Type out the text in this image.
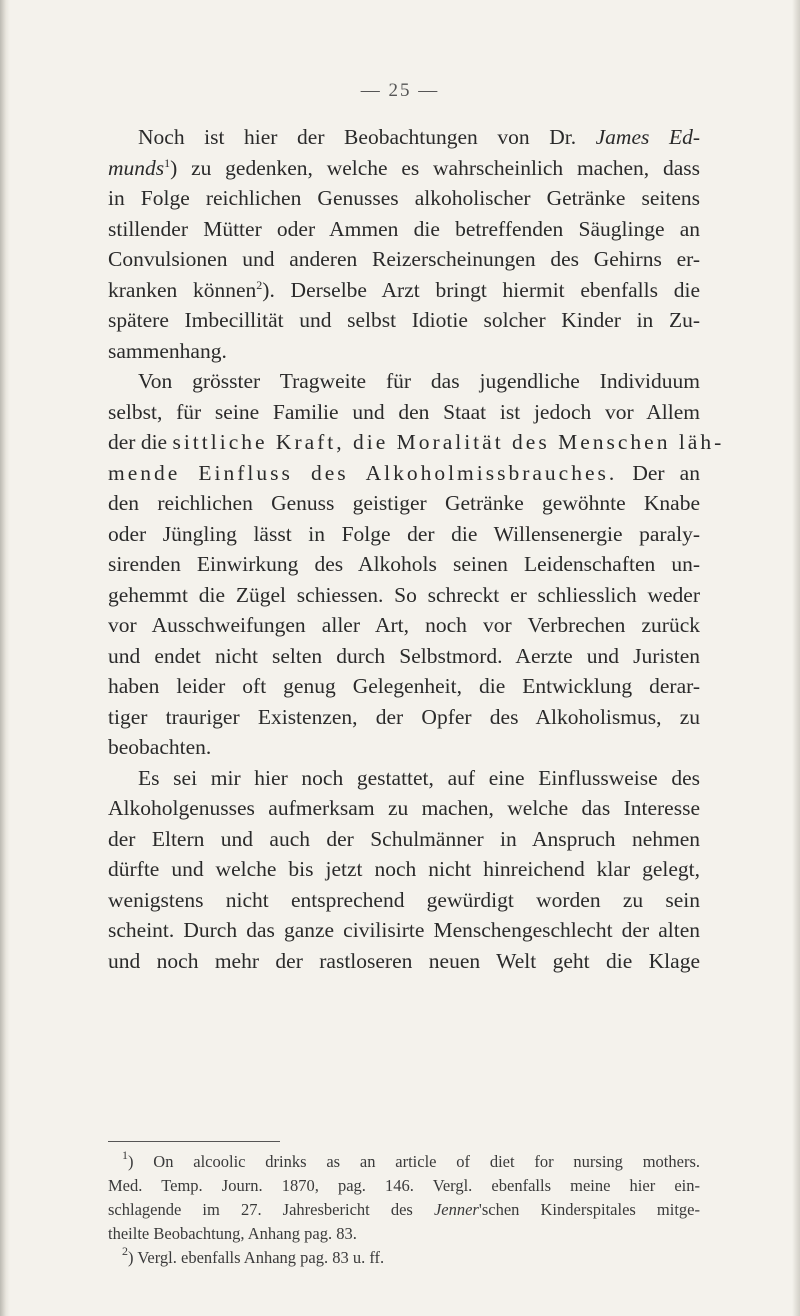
— 25 —
Noch ist hier der Beobachtungen von Dr. James Ed-
munds$^1$) zu gedenken, welche es wahrscheinlich machen, dass
in Folge reichlichen Genusses alkoholischer Getränke seitens
stillender Mütter oder Ammen die betreffenden Säuglinge an
Convulsionen und anderen Reizerscheinungen des Gehirns er-
kranken können$^2$). Derselbe Arzt bringt hiermit ebenfalls die
spätere Imbecillität und selbst Idiotie solcher Kinder in Zu-
sammenhang.
Von grösster Tragweite für das jugendliche Individuum
selbst, für seine Familie und den Staat ist jedoch vor Allem
der die sittliche Kraft, die Moralität des Menschen läh-
mende Einfluss des Alkoholmissbrauches. Der an
den reichlichen Genuss geistiger Getränke gewöhnte Knabe
oder Jüngling lässt in Folge der die Willensenergie paraly-
sirenden Einwirkung des Alkohols seinen Leidenschaften un-
gehemmt die Zügel schiessen. So schreckt er schliesslich weder
vor Ausschweifungen aller Art, noch vor Verbrechen zurück
und endet nicht selten durch Selbstmord. Aerzte und Juristen
haben leider oft genug Gelegenheit, die Entwicklung derar-
tiger trauriger Existenzen, der Opfer des Alkoholismus, zu
beobachten.
Es sei mir hier noch gestattet, auf eine Einflussweise des
Alkoholgenusses aufmerksam zu machen, welche das Interesse
der Eltern und auch der Schulmänner in Anspruch nehmen
dürfte und welche bis jetzt noch nicht hinreichend klar gelegt,
wenigstens nicht entsprechend gewürdigt worden zu sein
scheint. Durch das ganze civilisirte Menschengeschlecht der alten
und noch mehr der rastloseren neuen Welt geht die Klage
$^1$) On alcoolic drinks as an article of diet for nursing mothers.
Med. Temp. Journ. 1870, pag. 146. Vergl. ebenfalls meine hier ein-
schlagende im 27. Jahresbericht des Jenner'schen Kinderspitales mitge-
theilte Beobachtung, Anhang pag. 83.
$^2$) Vergl. ebenfalls Anhang pag. 83 u. ff.
